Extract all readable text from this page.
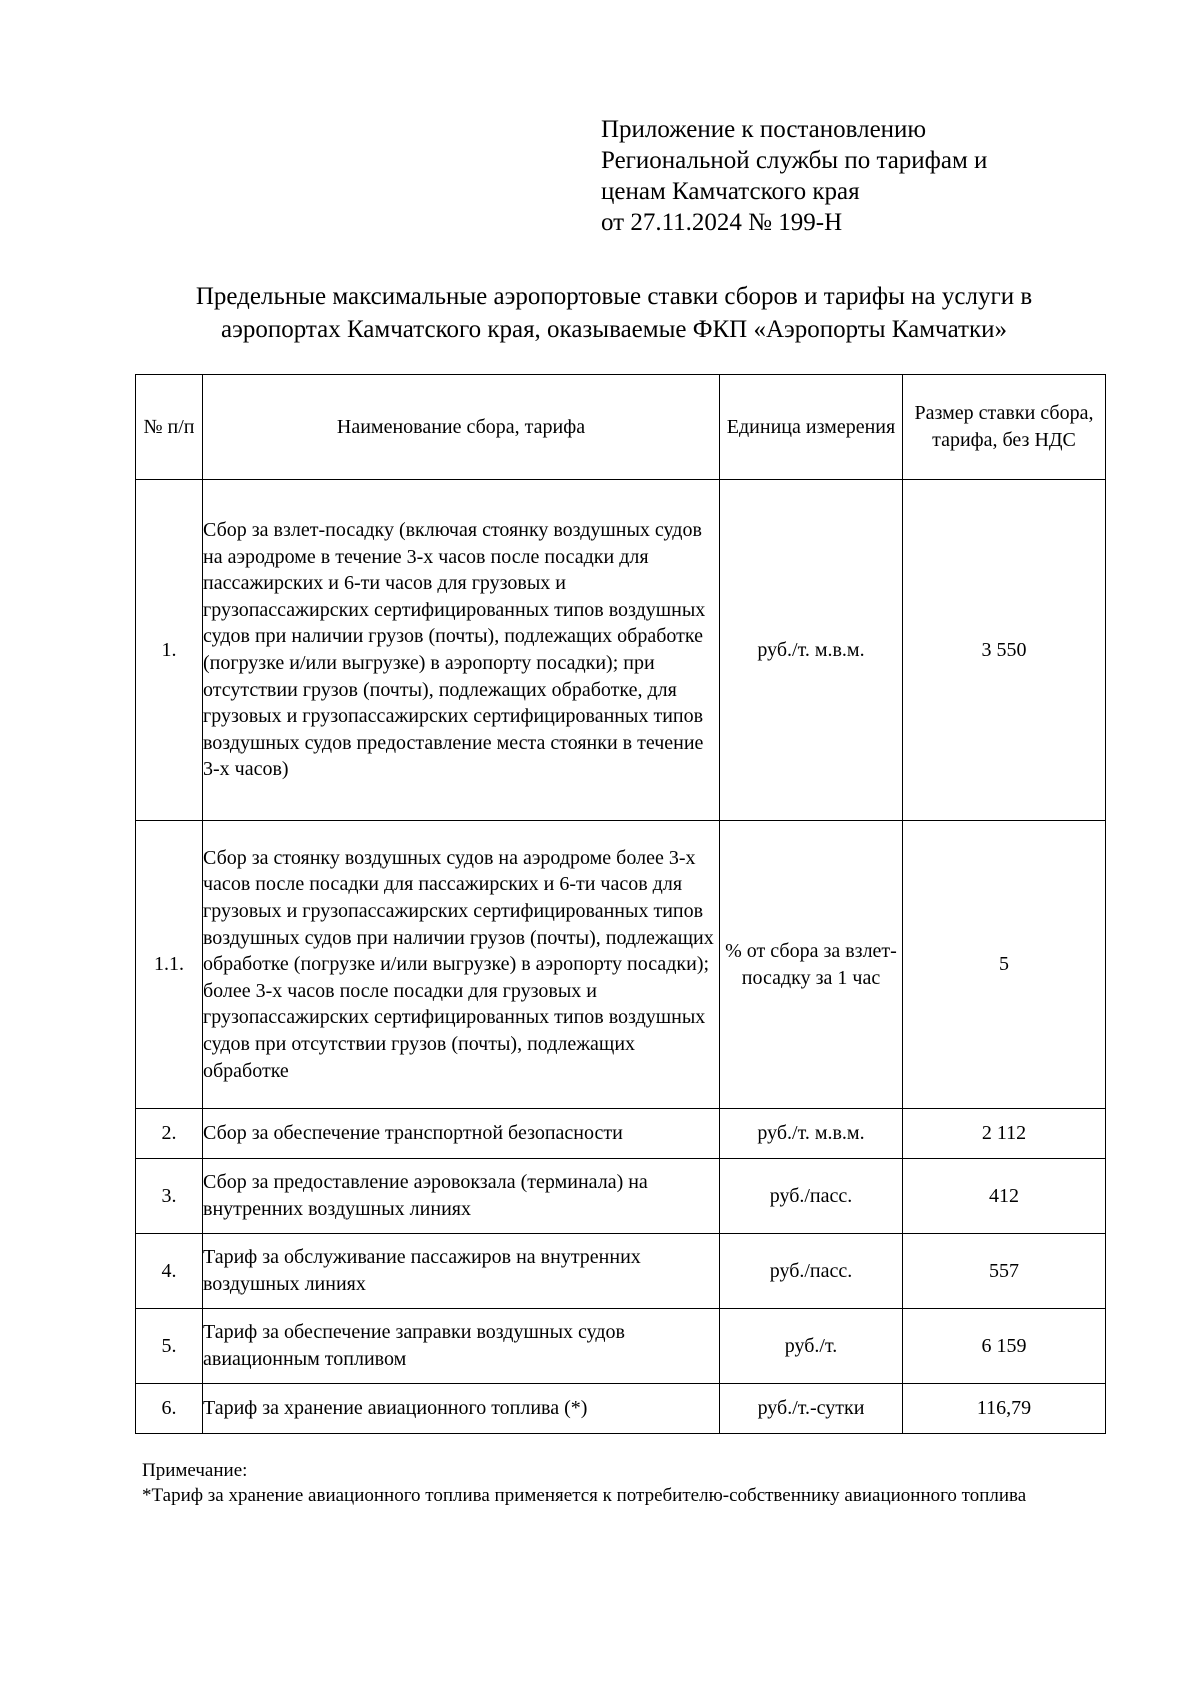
Приложение к постановлению
Региональной службы по тарифам и
ценам Камчатского края
от 27.11.2024 № 199-Н
Предельные максимальные аэропортовые ставки сборов и тарифы на услуги в
аэропортах Камчатского края, оказываемые ФКП «Аэропорты Камчатки»
№ п/п	Наименование сбора, тарифа	Единица измерения	Размер ставки сбора, тарифа, без НДС
1.	Сбор за взлет-посадку (включая стоянку воздушных судов на аэродроме в течение 3-х часов после посадки для пассажирских и 6-ти часов для грузовых и грузопассажирских сертифицированных типов воздушных судов при наличии грузов (почты), подлежащих обработке (погрузке и/или выгрузке) в аэропорту посадки); при отсутствии грузов (почты), подлежащих обработке, для грузовых и грузопассажирских сертифицированных типов воздушных судов предоставление места стоянки в течение 3-х часов)	руб./т. м.в.м.	3 550
1.1.	Сбор за стоянку воздушных судов на аэродроме более 3-х часов после посадки для пассажирских и 6-ти часов для грузовых и грузопассажирских сертифицированных типов воздушных судов при наличии грузов (почты), подлежащих обработке (погрузке и/или выгрузке) в аэропорту посадки); более 3-х часов после посадки для грузовых и грузопассажирских сертифицированных типов воздушных судов при отсутствии грузов (почты), подлежащих обработке	% от сбора за взлет-посадку за 1 час	5
2.	Сбор за обеспечение транспортной безопасности	руб./т. м.в.м.	2 112
3.	Сбор за предоставление аэровокзала (терминала) на внутренних воздушных линиях	руб./пасс.	412
4.	Тариф за обслуживание пассажиров на внутренних воздушных линиях	руб./пасс.	557
5.	Тариф за обеспечение заправки воздушных судов авиационным топливом	руб./т.	6 159
6.	Тариф за хранение авиационного топлива (*)	руб./т.-сутки	116,79
Примечание:
*Тариф за хранение авиационного топлива применяется к потребителю-собственнику авиационного топлива
